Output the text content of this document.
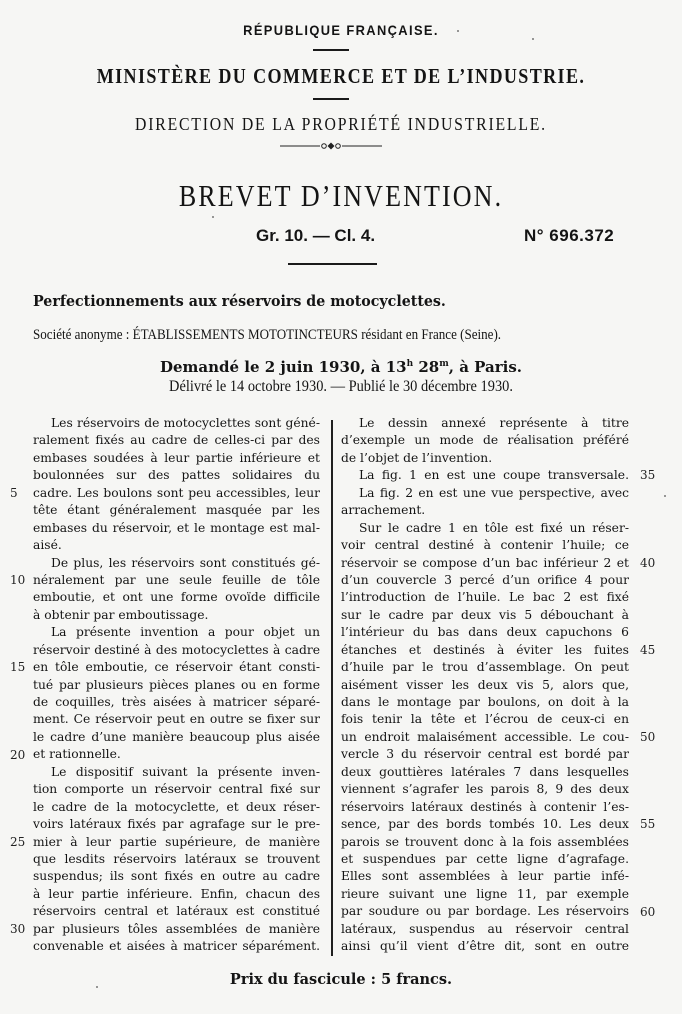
RÉPUBLIQUE FRANÇAISE.
MINISTÈRE DU COMMERCE ET DE L’INDUSTRIE.
DIRECTION DE LA PROPRIÉTÉ INDUSTRIELLE.
BREVET D’INVENTION.
Gr. 10. — Cl. 4.	N° 696.372
Perfectionnements aux réservoirs de motocyclettes.
Société anonyme : ÉTABLISSEMENTS MOTOTINCTEURS résidant en France (Seine).
Demandé le 2 juin 1930, à 13$^h$ 28$^m$, à Paris.
Délivré le 14 octobre 1930. — Publié le 30 décembre 1930.
Les réservoirs de motocyclettes sont géné-
ralement fixés au cadre de celles-ci par des
embases soudées à leur partie inférieure et
boulonnées sur des pattes solidaires du
cadre. Les boulons sont peu accessibles, leur
tête étant généralement masquée par les
embases du réservoir, et le montage est mal-
aisé.
De plus, les réservoirs sont constitués gé-
néralement par une seule feuille de tôle
emboutie, et ont une forme ovoïde difficile
à obtenir par emboutissage.
La présente invention a pour objet un
réservoir destiné à des motocyclettes à cadre
en tôle emboutie, ce réservoir étant consti-
tué par plusieurs pièces planes ou en forme
de coquilles, très aisées à matricer séparé-
ment. Ce réservoir peut en outre se fixer sur
le cadre d’une manière beaucoup plus aisée
et rationnelle.
Le dispositif suivant la présente inven-
tion comporte un réservoir central fixé sur
le cadre de la motocyclette, et deux réser-
voirs latéraux fixés par agrafage sur le pre-
mier à leur partie supérieure, de manière
que lesdits réservoirs latéraux se trouvent
suspendus; ils sont fixés en outre au cadre
à leur partie inférieure. Enfin, chacun des
réservoirs central et latéraux est constitué
par plusieurs tôles assemblées de manière
convenable et aisées à matricer séparément.
Le dessin annexé représente à titre
d’exemple un mode de réalisation préféré
de l’objet de l’invention.
La fig. 1 en est une coupe transversale.
La fig. 2 en est une vue perspective, avec
arrachement.
Sur le cadre 1 en tôle est fixé un réser-
voir central destiné à contenir l’huile; ce
réservoir se compose d’un bac inférieur 2 et
d’un couvercle 3 percé d’un orifice 4 pour
l’introduction de l’huile. Le bac 2 est fixé
sur le cadre par deux vis 5 débouchant à
l’intérieur du bas dans deux capuchons 6
étanches et destinés à éviter les fuites
d’huile par le trou d’assemblage. On peut
aisément visser les deux vis 5, alors que,
dans le montage par boulons, on doit à la
fois tenir la tête et l’écrou de ceux-ci en
un endroit malaisément accessible. Le cou-
vercle 3 du réservoir central est bordé par
deux gouttières latérales 7 dans lesquelles
viennent s’agrafer les parois 8, 9 des deux
réservoirs latéraux destinés à contenir l’es-
sence, par des bords tombés 10. Les deux
parois se trouvent donc à la fois assemblées
et suspendues par cette ligne d’agrafage.
Elles sont assemblées à leur partie infé-
rieure suivant une ligne 11, par exemple
par soudure ou par bordage. Les réservoirs
latéraux, suspendus au réservoir central
ainsi qu’il vient d’être dit, sont en outre
5
10
15
20
25
30
35
40
45
50
55
60
Prix du fascicule : 5 francs.
